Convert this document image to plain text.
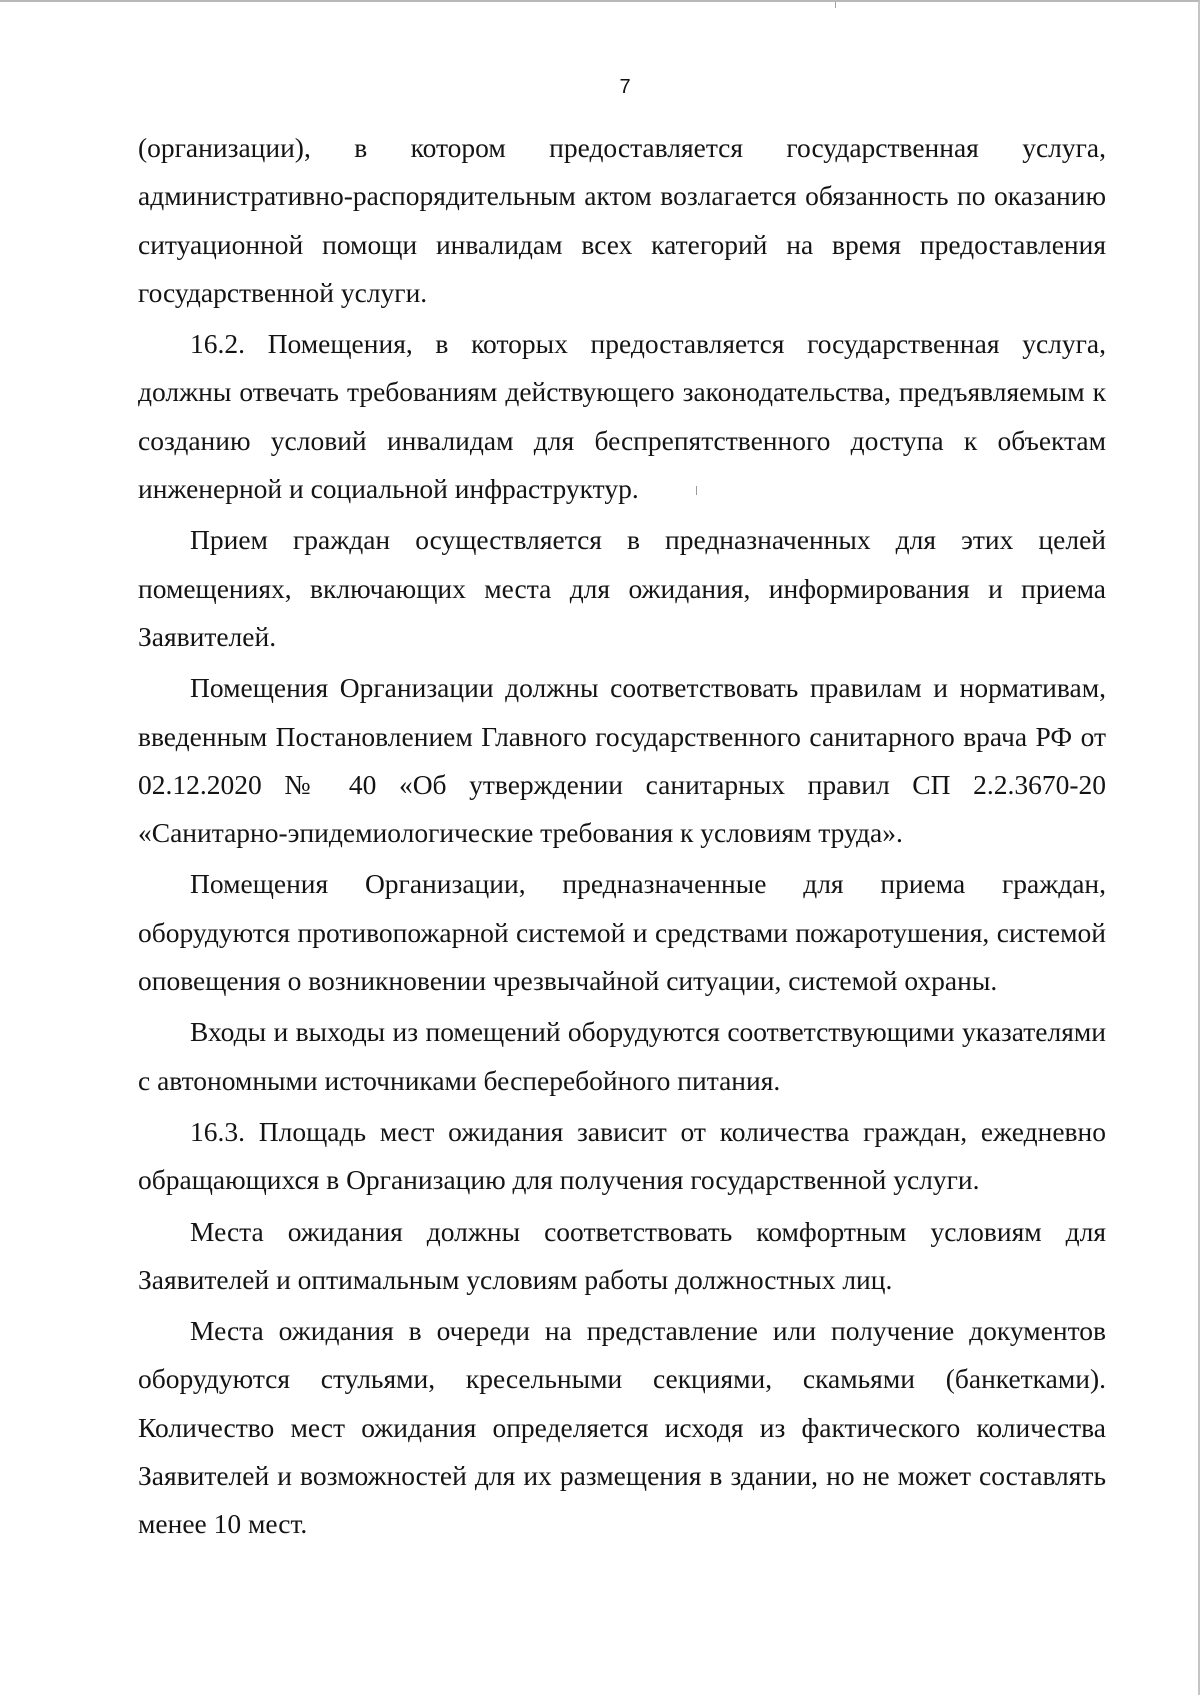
7

(организации), в котором предоставляется государственная услуга, административно-распорядительным актом возлагается обязанность по оказанию ситуационной помощи инвалидам всех категорий на время предоставления государственной услуги.

16.2. Помещения, в которых предоставляется государственная услуга, должны отвечать требованиям действующего законодательства, предъявляемым к созданию условий инвалидам для беспрепятственного доступа к объектам инженерной и социальной инфраструктур.

Прием граждан осуществляется в предназначенных для этих целей помещениях, включающих места для ожидания, информирования и приема Заявителей.

Помещения Организации должны соответствовать правилам и нормативам, введенным Постановлением Главного государственного санитарного врача РФ от 02.12.2020 № 40 «Об утверждении санитарных правил СП 2.2.3670-20 «Санитарно-эпидемиологические требования к условиям труда».

Помещения Организации, предназначенные для приема граждан, оборудуются противопожарной системой и средствами пожаротушения, системой оповещения о возникновении чрезвычайной ситуации, системой охраны.

Входы и выходы из помещений оборудуются соответствующими указателями с автономными источниками бесперебойного питания.

16.3. Площадь мест ожидания зависит от количества граждан, ежедневно обращающихся в Организацию для получения государственной услуги.

Места ожидания должны соответствовать комфортным условиям для Заявителей и оптимальным условиям работы должностных лиц.

Места ожидания в очереди на представление или получение документов оборудуются стульями, кресельными секциями, скамьями (банкетками). Количество мест ожидания определяется исходя из фактического количества Заявителей и возможностей для их размещения в здании, но не может составлять менее 10 мест.
